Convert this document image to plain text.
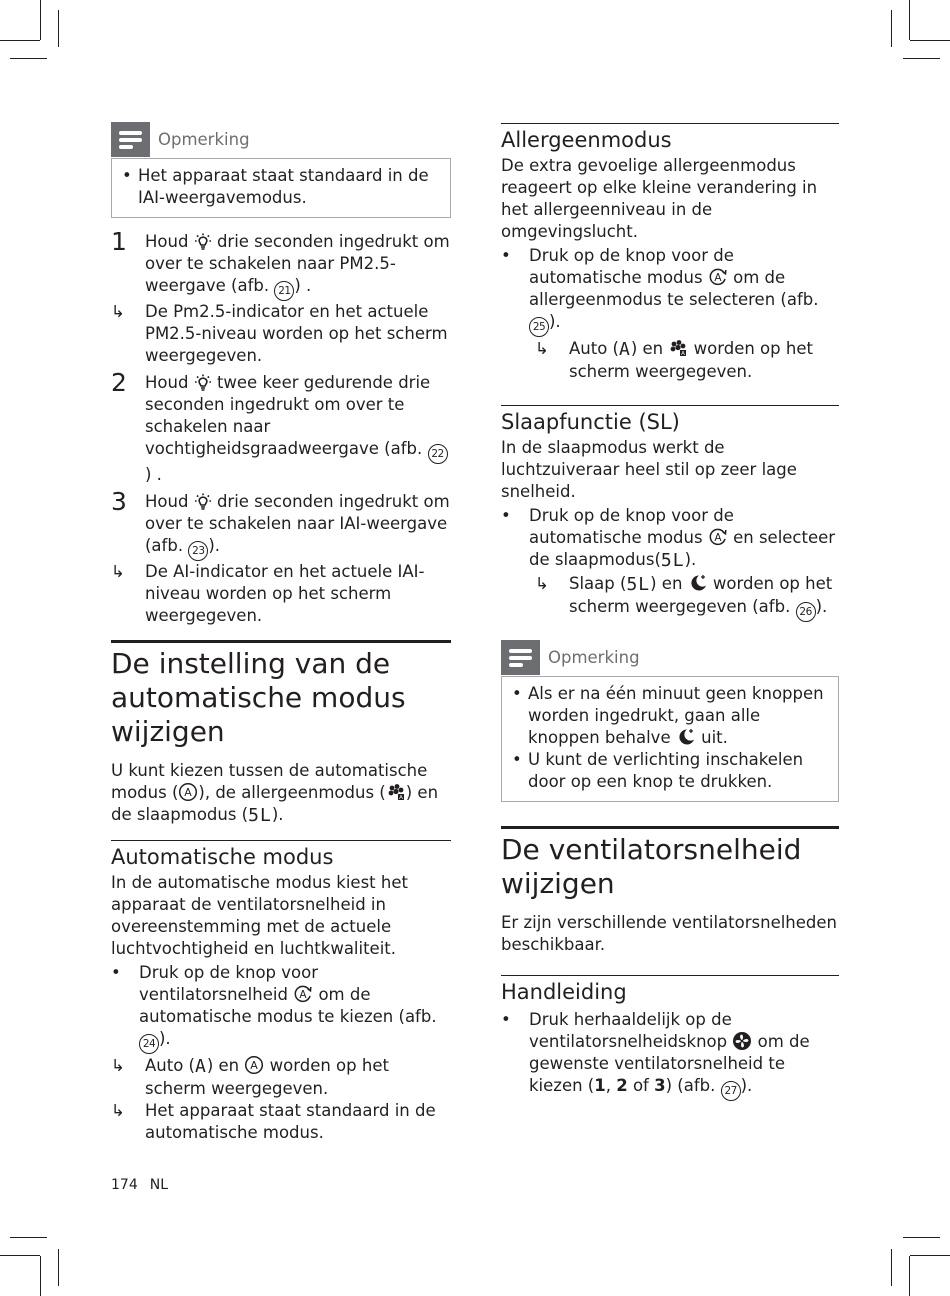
Opmerking
• Het apparaat staat standaard in de IAI-weergavemodus.
1 Houd drie seconden ingedrukt om over te schakelen naar PM2.5-weergave (afb. 21 ) .

↳ De Pm2.5-indicator en het actuele PM2.5-niveau worden op het scherm weergegeven.

2 Houd twee keer gedurende drie seconden ingedrukt om over te schakelen naar vochtigheidsgraadweergave (afb. 22) .

3 Houd drie seconden ingedrukt om over te schakelen naar IAI-weergave (afb. 23 ).

↳ De AI-indicator en het actuele IAI-niveau worden op het scherm weergegeven.

De instelling van de automatische modus wijzigen

U kunt kiezen tussen de automatische modus ( A ), de allergeenmodus ( A ) en de slaapmodus (5L).

Automatische modus

In de automatische modus kiest het apparaat de ventilatorsnelheid in overeenstemming met de actuele luchtvochtigheid en luchtkwaliteit.

• Druk op de knop voor ventilatorsnelheid A om de automatische modus te kiezen (afb. 24 ).

↳ Auto (A) en A worden op het scherm weergegeven.

↳ Het apparaat staat standaard in de automatische modus.

Allergeenmodus

De extra gevoelige allergeenmodus reageert op elke kleine verandering in het allergeenniveau in de omgevingslucht.

• Druk op de knop voor de automatische modus A om de allergeenmodus te selecteren (afb. 25 ).

↳ Auto (A) en	A worden op het scherm weergegeven.

Slaapfunctie (SL)

In de slaapmodus werkt de luchtzuiveraar heel stil op zeer lage snelheid.

• Druk op de knop voor de automatische modus A en selecteer de slaapmodus(5L).

↳ Slaap (5L) en worden op het scherm weergegeven (afb. 26 ).

Opmerking
• Als er na één minuut geen knoppen worden ingedrukt, gaan alle knoppen behalve uit.
• U kunt de verlichting inschakelen door op een knop te drukken.
De ventilatorsnelheid wijzigen

Er zijn verschillende ventilatorsnelheden beschikbaar.

Handleiding
• Druk herhaaldelijk op de ventilatorsnelheidsknop om de gewenste ventilatorsnelheid te kiezen (1, 2 of 3) (afb. 27 ).

174 NL
